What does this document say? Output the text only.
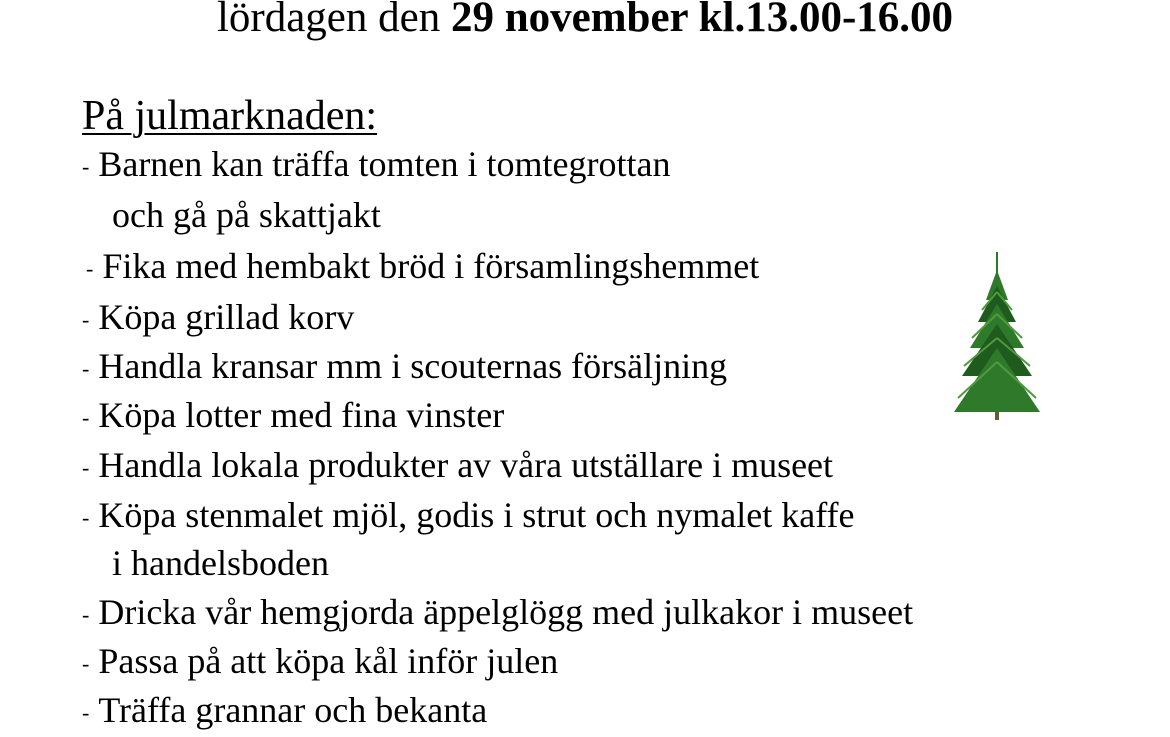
lördagen den 29 november kl.13.00-16.00
På julmarknaden:
- Barnen kan träffa tomten i tomtegrottan
och gå på skattjakt
- Fika med hembakt bröd i församlingshemmet
- Köpa grillad korv
- Handla kransar mm i scouternas försäljning
- Köpa lotter med fina vinster
- Handla lokala produkter av våra utställare i museet
- Köpa stenmalet mjöl, godis i strut och nymalet kaffe
i handelsboden
- Dricka vår hemgjorda äppelglögg med julkakor i museet
- Passa på att köpa kål inför julen
- Träffa grannar och bekanta
